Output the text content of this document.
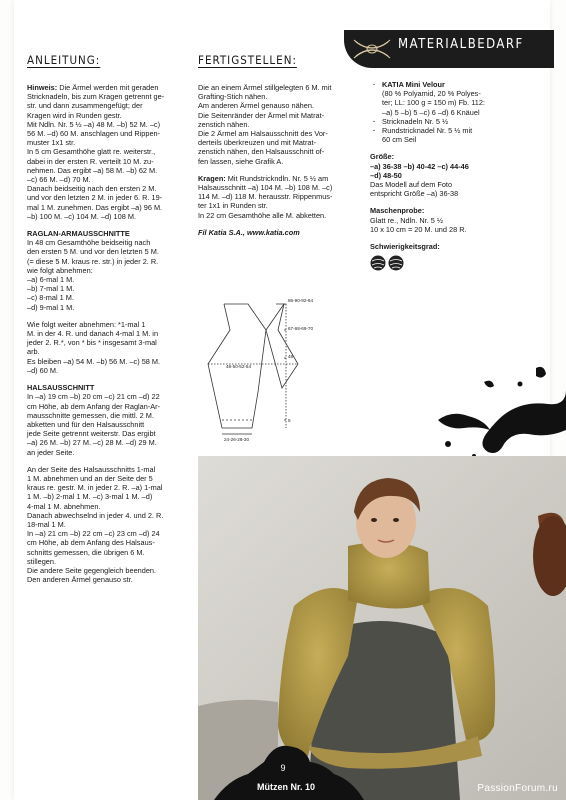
ANLEITUNG:

Hinweis: Die Ärmel werden mit geraden

Stricknadeln, bis zum Kragen getrennt ge-

str. und dann zusammengefügt; der

Kragen wird in Runden gestr.

Mit Ndln. Nr. 5 ½ –a) 48 M. –b) 52 M. –c)

56 M. –d) 60 M. anschlagen und Rippen-

muster 1x1 str.

In 5 cm Gesamthöhe glatt re. weiterstr.,

dabei in der ersten R. verteilt 10 M. zu-

nehmen. Das ergibt –a) 58 M. –b) 62 M.

–c) 66 M. –d) 70 M.

Danach beidseitig nach den ersten 2 M.

und vor den letzten 2 M. in jeder 6. R. 19-

mal 1 M. zunehmen. Das ergibt –a) 96 M.

–b) 100 M. –c) 104 M. –d) 108 M.

RAGLAN-ARMAUSSCHNITTE

In 48 cm Gesamthöhe beidseitig nach

den ersten 5 M. und vor den letzten 5 M.

(= diese 5 M. kraus re. str.) in jeder 2. R.

wie folgt abnehmen:

–a) 6-mal 1 M.

–b) 7-mal 1 M.

–c) 8-mal 1 M.

–d) 9-mal 1 M.

Wie folgt weiter abnehmen: *1-mal 1

M. in der 4. R. und danach 4-mal 1 M. in

jeder 2. R.*, von * bis * insgesamt 3-mal

arb.

Es bleiben –a) 54 M. –b) 56 M. –c) 58 M.

–d) 60 M.

HALSAUSSCHNITT

In –a) 19 cm –b) 20 cm –c) 21 cm –d) 22

cm Höhe, ab dem Anfang der Raglan-Ar-

mausschnitte gemessen, die mittl. 2 M.

abketten und für den Halsausschnitt

jede Seite getrennt weiterstr. Das ergibt

–a) 26 M. –b) 27 M. –c) 28 M. –d) 29 M.

an jeder Seite.

An der Seite des Halsausschnitts 1-mal

1 M. abnehmen und an der Seite der 5

kraus re. gestr. M. in jeder 2. R. –a) 1-mal

1 M. –b) 2-mal 1 M. –c) 3-mal 1 M. –d)

4-mal 1 M. abnehmen.

Danach abwechselnd in jeder 4. und 2. R.

18-mal 1 M.

In –a) 21 cm –b) 22 cm –c) 23 cm –d) 24

cm Höhe, ab dem Anfang des Halsaus-

schnitts gemessen, die übrigen 6 M.

stillegen.

Die andere Seite gegengleich beenden.

Den anderen Ärmel genauso str.

FERTIGSTELLEN:

Die an einem Ärmel stillgelegten 6 M. mit

Grafting-Stich nähen.

Am anderen Ärmel genauso nähen.

Die Seitenränder der Ärmel mit Matrat-

zenstich nähen.

Die 2 Ärmel am Halsausschnitt des Vor-

derteils überkreuzen und mit Matrat-

zenstich nähen, den Halsausschnitt of-

fen lassen, siehe Grafik A.

Kragen: Mit Rundstrickndln. Nr. 5 ½ am

Halsausschnitt –a) 104 M. –b) 108 M. –c)

114 M. –d) 118 M. herausstr. Rippenmus-

ter 1x1 in Runden str.

In 22 cm Gesamthöhe alle M. abketten.

Fil Katia S.A., www.katia.com

86-90-92-94
67-68-69-70
48
48-50-52-54
5
24-26-28-30
MATERIALBEDARF

· KATIA Mini Velour

(80 % Polyamid, 20 % Polyes-

ter; LL: 100 g = 150 m) Fb. 112:

–a) 5 –b) 5 –c) 6 –d) 6 Knäuel

· Stricknadeln Nr. 5 ½

· Rundstricknadel Nr. 5 ½ mit

60 cm Seil

Größe:

–a) 36-38 –b) 40-42 –c) 44-46

–d) 48-50

Das Modell auf dem Foto

entspricht Größe –a) 36-38

Maschenprobe:

Glatt re., Ndln. Nr. 5 ½

10 x 10 cm = 20 M. und 28 R.

Schwierigkeitsgrad:

9
Mützen Nr. 10	PassionForum.ru
